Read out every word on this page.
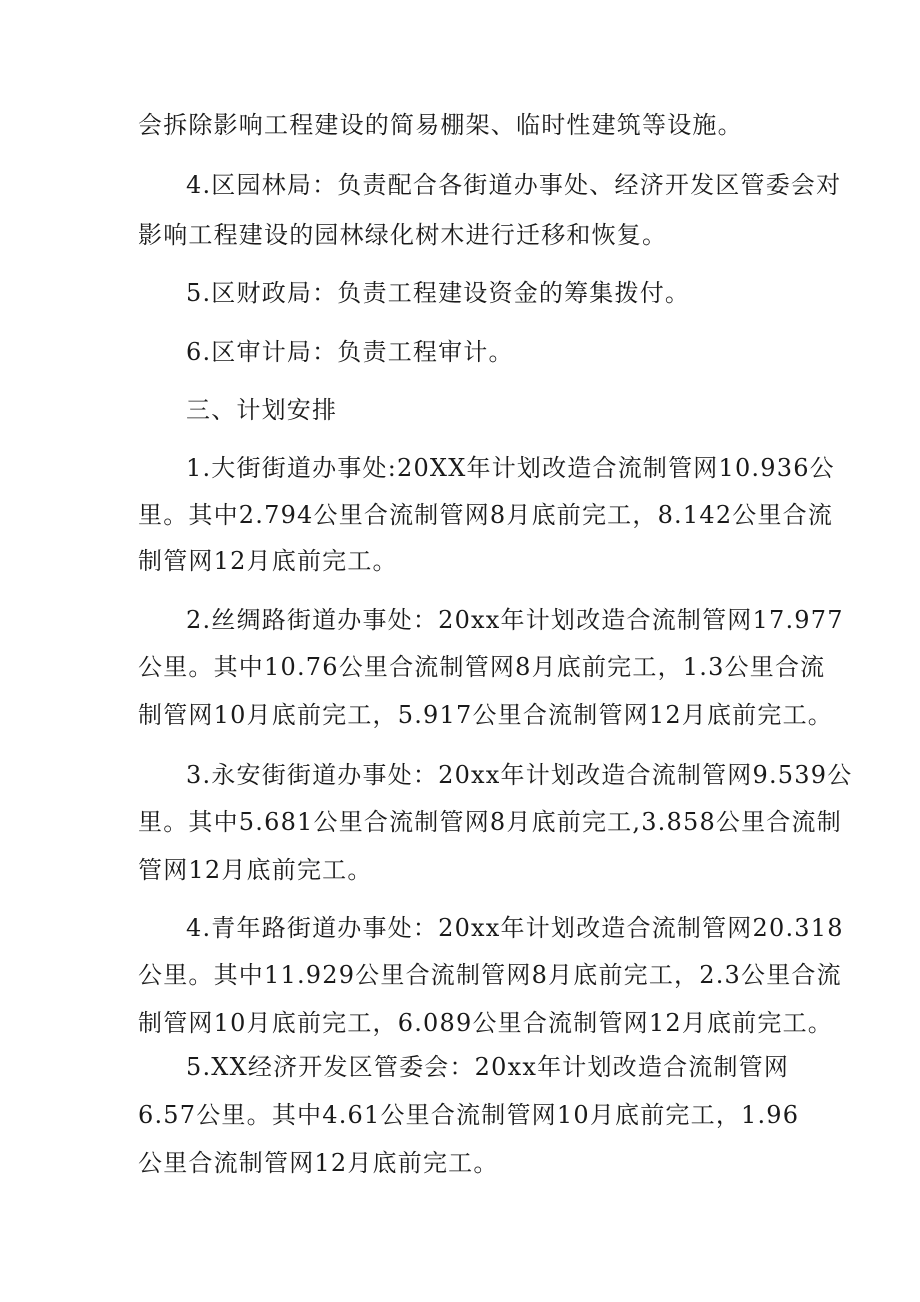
会拆除影响工程建设的简易棚架、临时性建筑等设施。
4.区园林局：负责配合各街道办事处、经济开发区管委会对
影响工程建设的园林绿化树木进行迁移和恢复。
5.区财政局：负责工程建设资金的筹集拨付。
6.区审计局：负责工程审计。
三、计划安排
1.大街街道办事处:20XX年计划改造合流制管网10.936公
里。其中2.794公里合流制管网8月底前完工，8.142公里合流
制管网12月底前完工。
2.丝绸路街道办事处：20xx年计划改造合流制管网17.977
公里。其中10.76公里合流制管网8月底前完工，1.3公里合流
制管网10月底前完工，5.917公里合流制管网12月底前完工。
3.永安街街道办事处：20xx年计划改造合流制管网9.539公
里。其中5.681公里合流制管网8月底前完工,3.858公里合流制
管网12月底前完工。
4.青年路街道办事处：20xx年计划改造合流制管网20.318
公里。其中11.929公里合流制管网8月底前完工，2.3公里合流
制管网10月底前完工，6.089公里合流制管网12月底前完工。
5.XX经济开发区管委会：20xx年计划改造合流制管网
6.57公里。其中4.61公里合流制管网10月底前完工，1.96
公里合流制管网12月底前完工。
